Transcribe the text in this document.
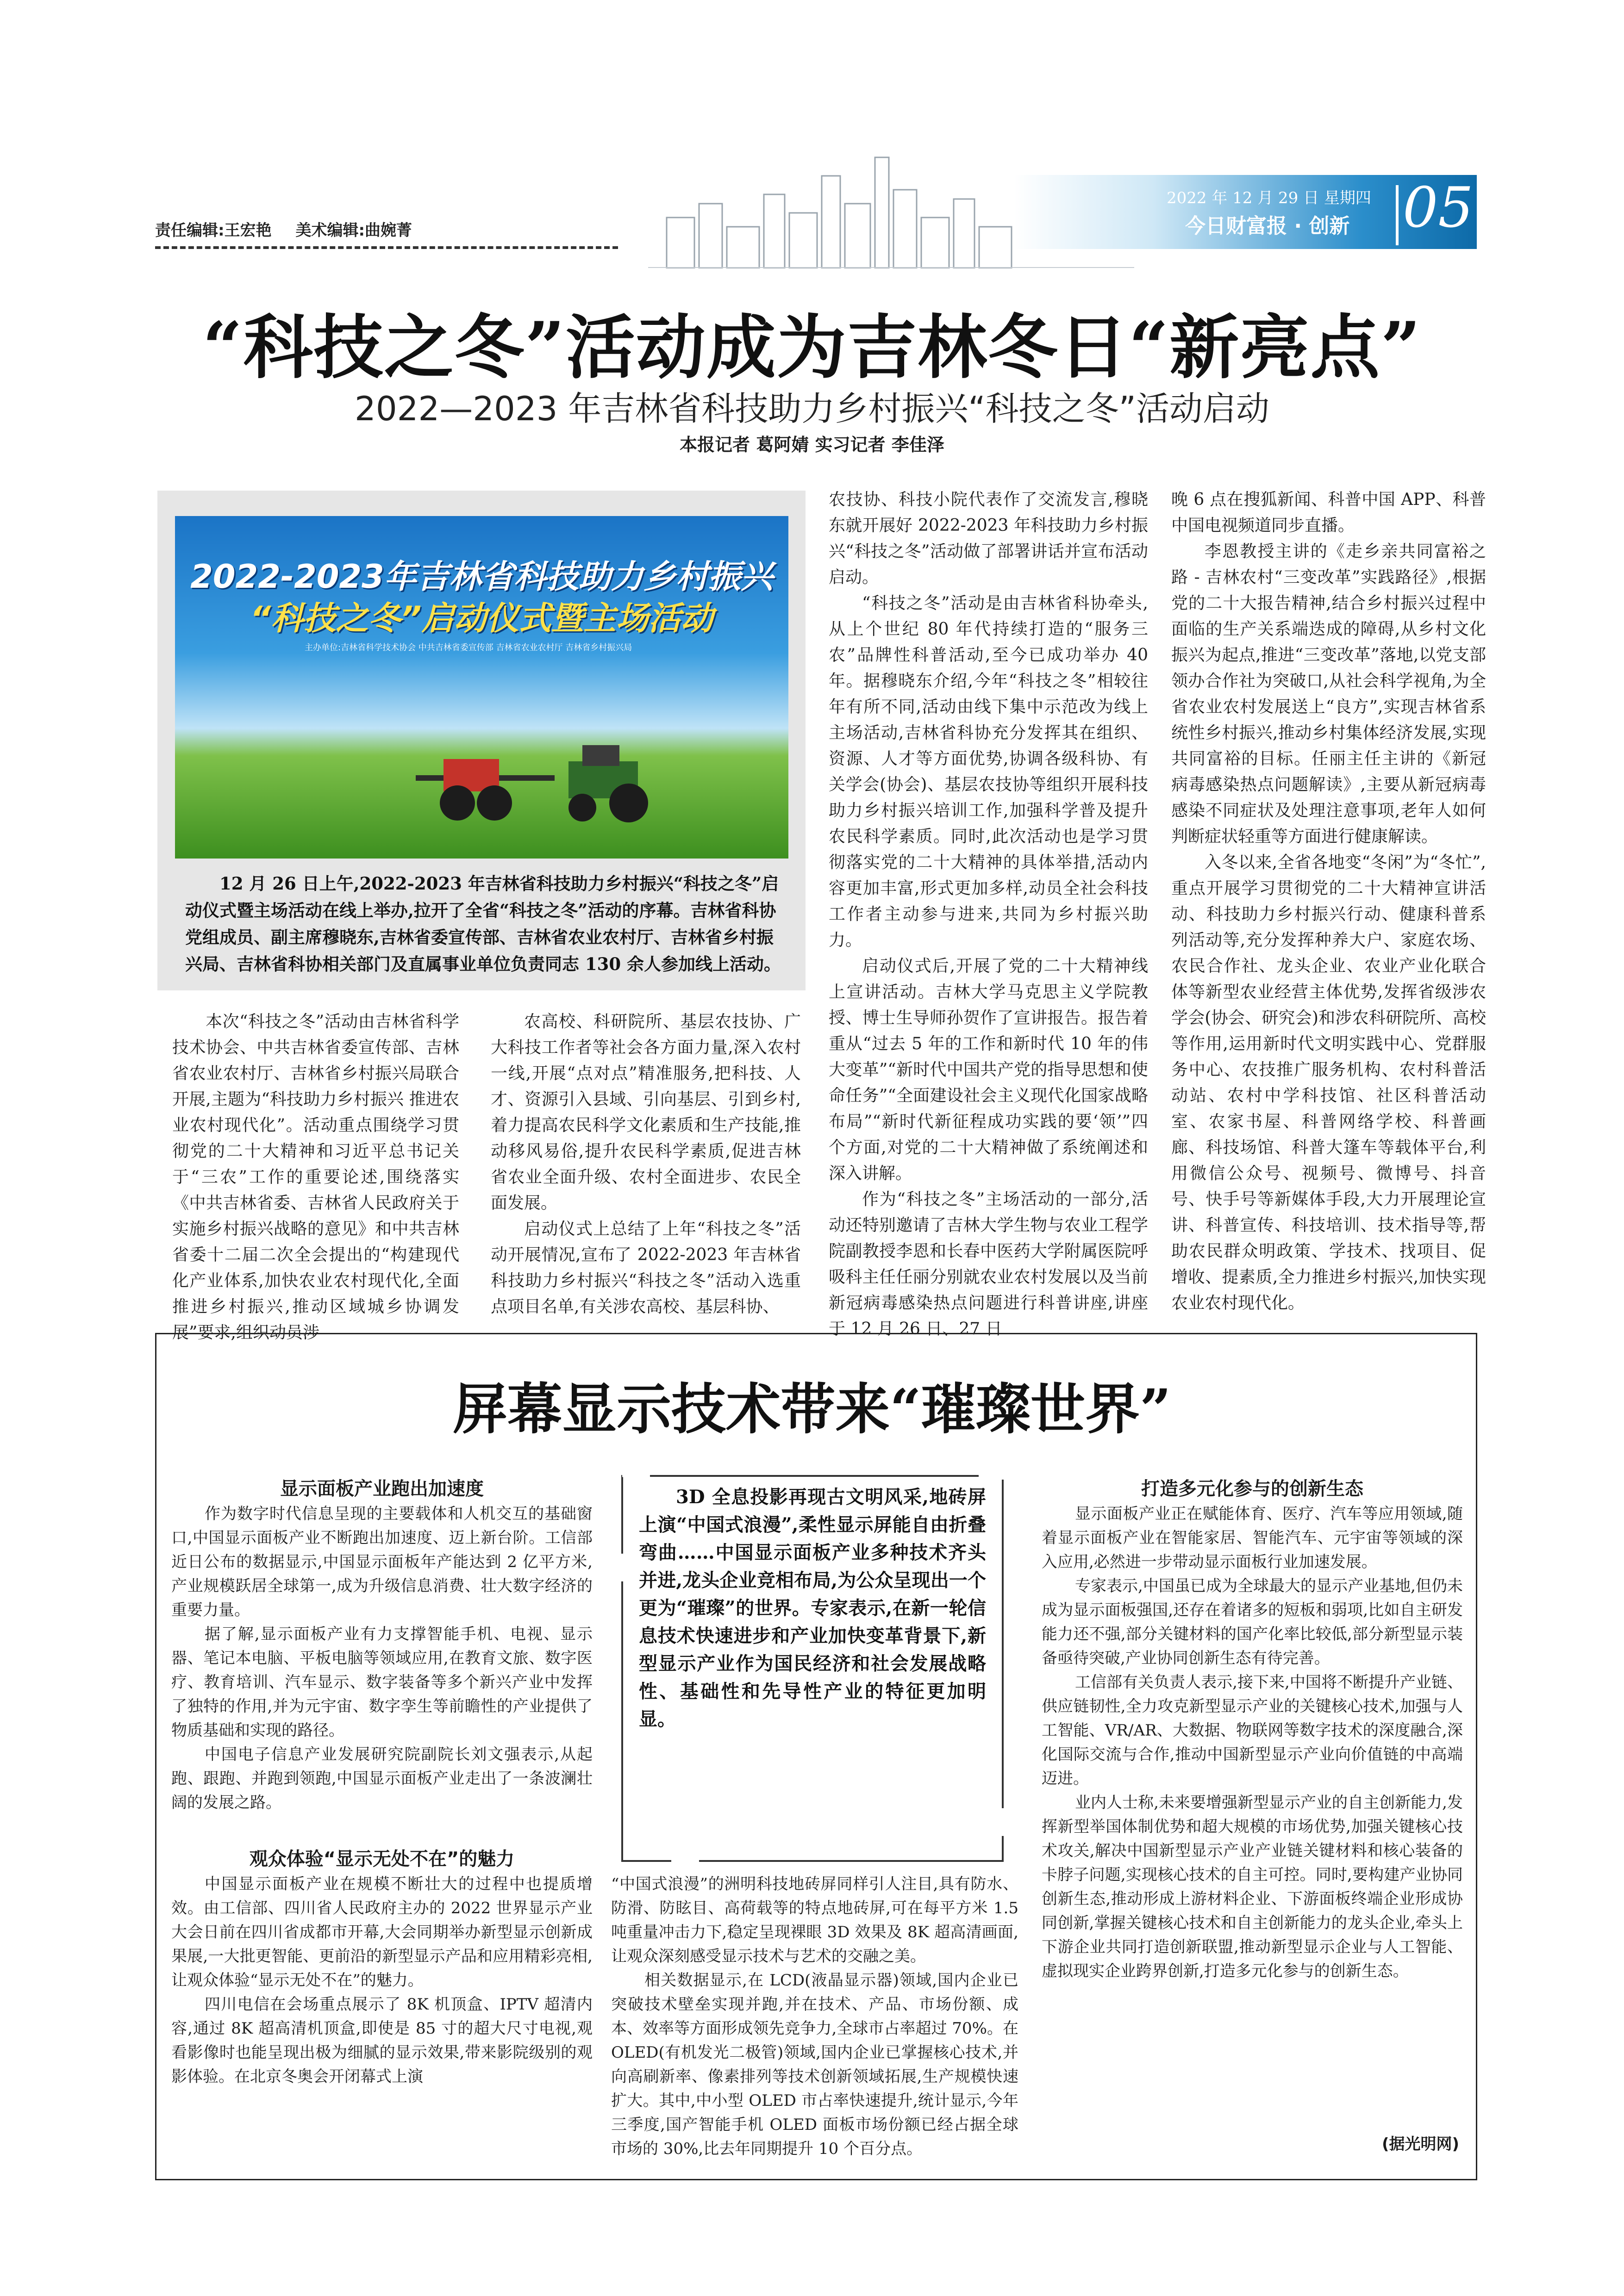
责任编辑:王宏艳 美术编辑:曲婉菁
2022 年 12 月 29 日 星期四
今日财富报 · 创新 05
“科技之冬”活动成为吉林冬日“新亮点”
2022—2023 年吉林省科技助力乡村振兴“科技之冬”活动启动
本报记者 葛阿婧 实习记者 李佳泽
2022-2023年吉林省科技助力乡村振兴
“科技之冬”启动仪式暨主场活动
主办单位:吉林省科学技术协会 中共吉林省委宣传部 吉林省农业农村厅 吉林省乡村振兴局
12 月 26 日上午,2022-2023 年吉林省科技助力乡村振兴“科技之冬”启动仪式暨主场活动在线上举办,拉开了全省“科技之冬”活动的序幕。吉林省科协党组成员、副主席穆晓东,吉林省委宣传部、吉林省农业农村厅、吉林省乡村振兴局、吉林省科协相关部门及直属事业单位负责同志 130 余人参加线上活动。

本次“科技之冬”活动由吉林省科学技术协会、中共吉林省委宣传部、吉林省农业农村厅、吉林省乡村振兴局联合开展,主题为“科技助力乡村振兴 推进农业农村现代化”。活动重点围绕学习贯彻党的二十大精神和习近平总书记关于“三农”工作的重要论述,围绕落实《中共吉林省委、吉林省人民政府关于实施乡村振兴战略的意见》和中共吉林省委十二届二次全会提出的“构建现代化产业体系,加快农业农村现代化,全面推进乡村振兴,推动区域城乡协调发展”要求,组织动员涉

农高校、科研院所、基层农技协、广大科技工作者等社会各方面力量,深入农村一线,开展“点对点”精准服务,把科技、人才、资源引入县域、引向基层、引到乡村,着力提高农民科学文化素质和生产技能,推动移风易俗,提升农民科学素质,促进吉林省农业全面升级、农村全面进步、农民全面发展。

启动仪式上总结了上年“科技之冬”活动开展情况,宣布了 2022-2023 年吉林省科技助力乡村振兴“科技之冬”活动入选重点项目名单,有关涉农高校、基层科协、

农技协、科技小院代表作了交流发言,穆晓东就开展好 2022-2023 年科技助力乡村振兴“科技之冬”活动做了部署讲话并宣布活动启动。

“科技之冬”活动是由吉林省科协牵头,从上个世纪 80 年代持续打造的“服务三农”品牌性科普活动,至今已成功举办 40 年。据穆晓东介绍,今年“科技之冬”相较往年有所不同,活动由线下集中示范改为线上主场活动,吉林省科协充分发挥其在组织、资源、人才等方面优势,协调各级科协、有关学会(协会)、基层农技协等组织开展科技助力乡村振兴培训工作,加强科学普及提升农民科学素质。同时,此次活动也是学习贯彻落实党的二十大精神的具体举措,活动内容更加丰富,形式更加多样,动员全社会科技工作者主动参与进来,共同为乡村振兴助力。

启动仪式后,开展了党的二十大精神线上宣讲活动。吉林大学马克思主义学院教授、博士生导师孙贺作了宣讲报告。报告着重从“过去 5 年的工作和新时代 10 年的伟大变革”“新时代中国共产党的指导思想和使命任务”“全面建设社会主义现代化国家战略布局”“新时代新征程成功实践的要‘领’”四个方面,对党的二十大精神做了系统阐述和深入讲解。

作为“科技之冬”主场活动的一部分,活动还特别邀请了吉林大学生物与农业工程学院副教授李恩和长春中医药大学附属医院呼吸科主任任丽分别就农业农村发展以及当前新冠病毒感染热点问题进行科普讲座,讲座于 12 月 26 日、27 日

晚 6 点在搜狐新闻、科普中国 APP、科普中国电视频道同步直播。

李恩教授主讲的《走乡亲共同富裕之路 - 吉林农村“三变改革”实践路径》,根据党的二十大报告精神,结合乡村振兴过程中面临的生产关系端迭成的障碍,从乡村文化振兴为起点,推进“三变改革”落地,以党支部领办合作社为突破口,从社会科学视角,为全省农业农村发展送上“良方”,实现吉林省系统性乡村振兴,推动乡村集体经济发展,实现共同富裕的目标。任丽主任主讲的《新冠病毒感染热点问题解读》,主要从新冠病毒感染不同症状及处理注意事项,老年人如何判断症状轻重等方面进行健康解读。

入冬以来,全省各地变“冬闲”为“冬忙”,重点开展学习贯彻党的二十大精神宣讲活动、科技助力乡村振兴行动、健康科普系列活动等,充分发挥种养大户、家庭农场、农民合作社、龙头企业、农业产业化联合体等新型农业经营主体优势,发挥省级涉农学会(协会、研究会)和涉农科研院所、高校等作用,运用新时代文明实践中心、党群服务中心、农技推广服务机构、农村科普活动站、农村中学科技馆、社区科普活动室、农家书屋、科普网络学校、科普画廊、科技场馆、科普大篷车等载体平台,利用微信公众号、视频号、微博号、抖音号、快手号等新媒体手段,大力开展理论宣讲、科普宣传、科技培训、技术指导等,帮助农民群众明政策、学技术、找项目、促增收、提素质,全力推进乡村振兴,加快实现农业农村现代化。

屏幕显示技术带来“璀璨世界”
显示面板产业跑出加速度

作为数字时代信息呈现的主要载体和人机交互的基础窗口,中国显示面板产业不断跑出加速度、迈上新台阶。工信部近日公布的数据显示,中国显示面板年产能达到 2 亿平方米,产业规模跃居全球第一,成为升级信息消费、壮大数字经济的重要力量。

据了解,显示面板产业有力支撑智能手机、电视、显示器、笔记本电脑、平板电脑等领域应用,在教育文旅、数字医疗、教育培训、汽车显示、数字装备等多个新兴产业中发挥了独特的作用,并为元宇宙、数字孪生等前瞻性的产业提供了物质基础和实现的路径。

中国电子信息产业发展研究院副院长刘文强表示,从起跑、跟跑、并跑到领跑,中国显示面板产业走出了一条波澜壮阔的发展之路。

观众体验“显示无处不在”的魅力

中国显示面板产业在规模不断壮大的过程中也提质增效。由工信部、四川省人民政府主办的 2022 世界显示产业大会日前在四川省成都市开幕,大会同期举办新型显示创新成果展,一大批更智能、更前沿的新型显示产品和应用精彩亮相,让观众体验“显示无处不在”的魅力。

四川电信在会场重点展示了 8K 机顶盒、IPTV 超清内容,通过 8K 超高清机顶盒,即使是 85 寸的超大尺寸电视,观看影像时也能呈现出极为细腻的显示效果,带来影院级别的观影体验。在北京冬奥会开闭幕式上演

3D 全息投影再现古文明风采,地砖屏上演“中国式浪漫”,柔性显示屏能自由折叠弯曲……中国显示面板产业多种技术齐头并进,龙头企业竞相布局,为公众呈现出一个更为“璀璨”的世界。专家表示,在新一轮信息技术快速进步和产业加快变革背景下,新型显示产业作为国民经济和社会发展战略性、基础性和先导性产业的特征更加明显。

“中国式浪漫”的洲明科技地砖屏同样引人注目,具有防水、防滑、防眩目、高荷载等的特点地砖屏,可在每平方米 1.5 吨重量冲击力下,稳定呈现裸眼 3D 效果及 8K 超高清画面,让观众深刻感受显示技术与艺术的交融之美。

相关数据显示,在 LCD(液晶显示器)领域,国内企业已突破技术壁垒实现并跑,并在技术、产品、市场份额、成本、效率等方面形成领先竞争力,全球市占率超过 70%。在 OLED(有机发光二极管)领域,国内企业已掌握核心技术,并向高刷新率、像素排列等技术创新领域拓展,生产规模快速扩大。其中,中小型 OLED 市占率快速提升,统计显示,今年三季度,国产智能手机 OLED 面板市场份额已经占据全球市场的 30%,比去年同期提升 10 个百分点。

打造多元化参与的创新生态

显示面板产业正在赋能体育、医疗、汽车等应用领域,随着显示面板产业在智能家居、智能汽车、元宇宙等领域的深入应用,必然进一步带动显示面板行业加速发展。

专家表示,中国虽已成为全球最大的显示产业基地,但仍未成为显示面板强国,还存在着诸多的短板和弱项,比如自主研发能力还不强,部分关键材料的国产化率比较低,部分新型显示装备亟待突破,产业协同创新生态有待完善。

工信部有关负责人表示,接下来,中国将不断提升产业链、供应链韧性,全力攻克新型显示产业的关键核心技术,加强与人工智能、VR/AR、大数据、物联网等数字技术的深度融合,深化国际交流与合作,推动中国新型显示产业向价值链的中高端迈进。

业内人士称,未来要增强新型显示产业的自主创新能力,发挥新型举国体制优势和超大规模的市场优势,加强关键核心技术攻关,解决中国新型显示产业产业链关键材料和核心装备的卡脖子问题,实现核心技术的自主可控。同时,要构建产业协同创新生态,推动形成上游材料企业、下游面板终端企业形成协同创新,掌握关键核心技术和自主创新能力的龙头企业,牵头上下游企业共同打造创新联盟,推动新型显示企业与人工智能、虚拟现实企业跨界创新,打造多元化参与的创新生态。

(据光明网)
